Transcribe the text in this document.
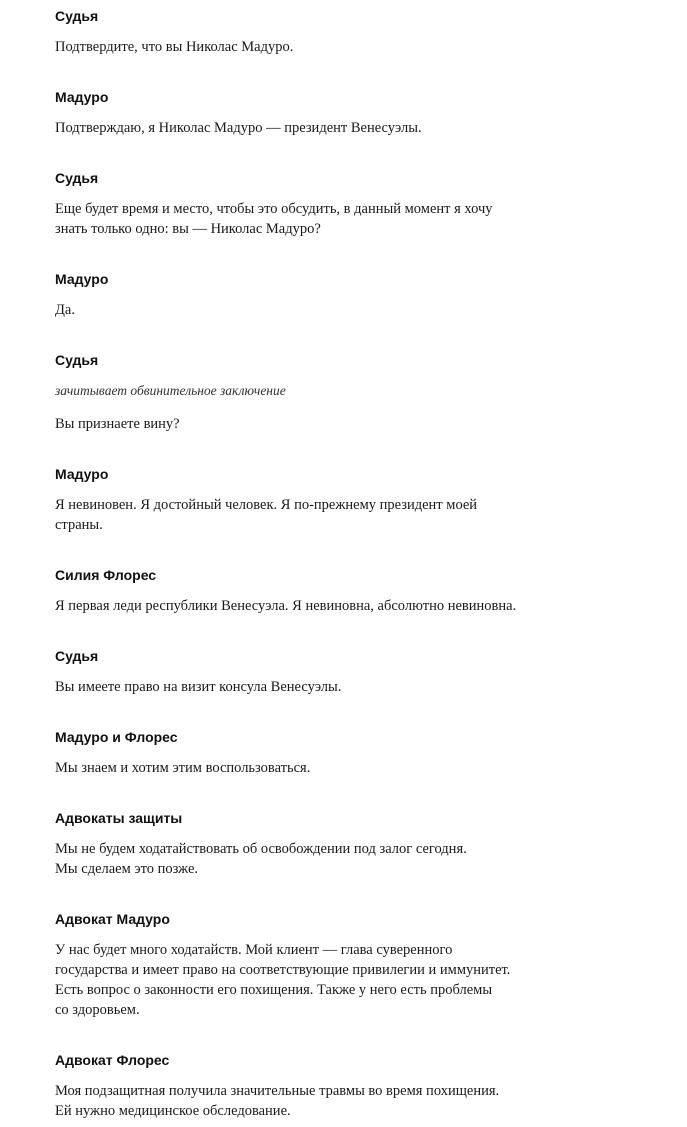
Судья

Подтвердите, что вы Николас Мадуро.

Мадуро

Подтверждаю, я Николас Мадуро — президент Венесуэлы.

Судья

Еще будет время и место, чтобы это обсудить, в данный момент я хочу
знать только одно: вы — Николас Мадуро?

Мадуро

Да.

Судья

зачитывает обвинительное заключение

Вы признаете вину?

Мадуро

Я невиновен. Я достойный человек. Я по-прежнему президент моей
страны.

Силия Флорес

Я первая леди республики Венесуэла. Я невиновна, абсолютно невиновна.

Судья

Вы имеете право на визит консула Венесуэлы.

Мадуро и Флорес

Мы знаем и хотим этим воспользоваться.

Адвокаты защиты

Мы не будем ходатайствовать об освобождении под залог сегодня.
Мы сделаем это позже.

Адвокат Мадуро

У нас будет много ходатайств. Мой клиент — глава суверенного
государства и имеет право на соответствующие привилегии и иммунитет.
Есть вопрос о законности его похищения. Также у него есть проблемы
со здоровьем.

Адвокат Флорес

Моя подзащитная получила значительные травмы во время похищения.
Ей нужно медицинское обследование.
